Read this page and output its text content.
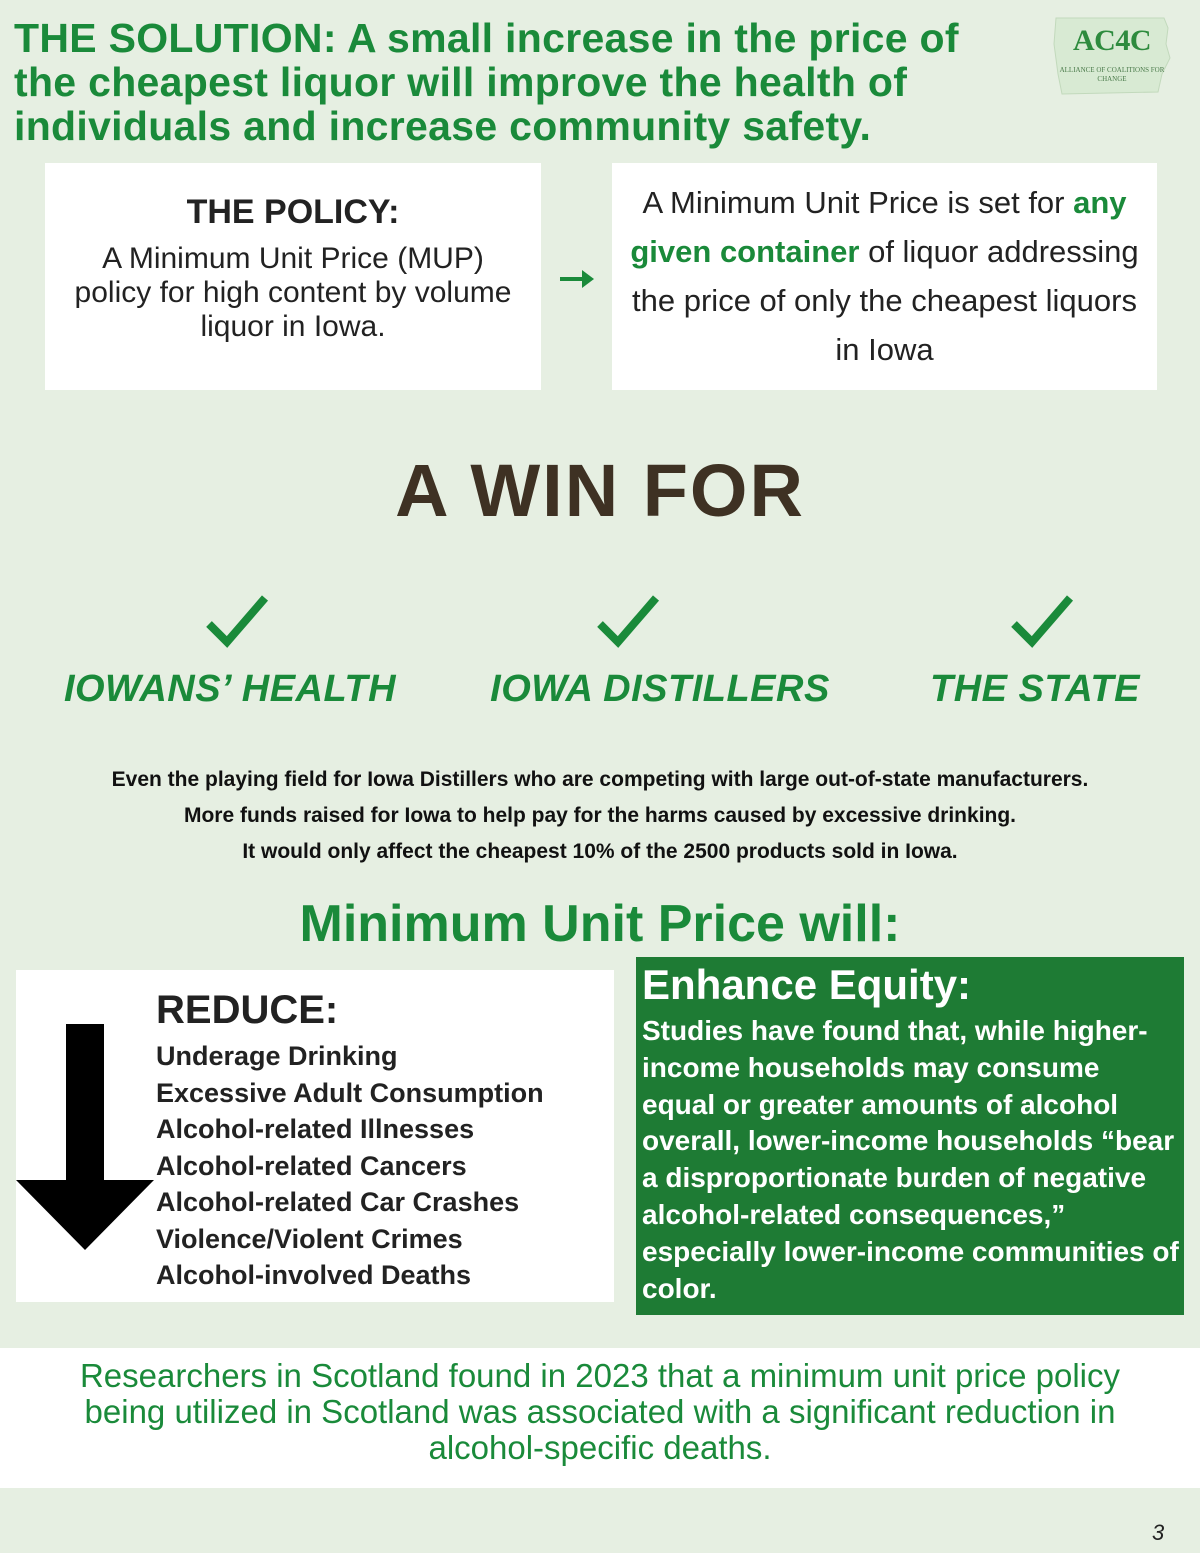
THE SOLUTION: A small increase in the price of the cheapest liquor will improve the health of individuals and increase community safety.
AC4C
ALLIANCE OF COALITIONS FOR CHANGE
THE POLICY:
A Minimum Unit Price (MUP) policy for high content by volume liquor in Iowa.
A Minimum Unit Price is set for any given container of liquor addressing the price of only the cheapest liquors in Iowa
A WIN FOR
IOWANS’ HEALTH	IOWA DISTILLERS	THE STATE
Even the playing field for Iowa Distillers who are competing with large out-of-state manufacturers.
More funds raised for Iowa to help pay for the harms caused by excessive drinking.
It would only affect the cheapest 10% of the 2500 products sold in Iowa.
Minimum Unit Price will:
REDUCE:
Underage Drinking
Excessive Adult Consumption
Alcohol-related Illnesses
Alcohol-related Cancers
Alcohol-related Car Crashes
Violence/Violent Crimes
Alcohol-involved Deaths
Enhance Equity:
Studies have found that, while higher-income households may consume equal or greater amounts of alcohol overall, lower-income households “bear a disproportionate burden of negative alcohol-related consequences,” especially lower-income communities of color.
Researchers in Scotland found in 2023 that a minimum unit price policy being utilized in Scotland was associated with a significant reduction in alcohol-specific deaths.
3
